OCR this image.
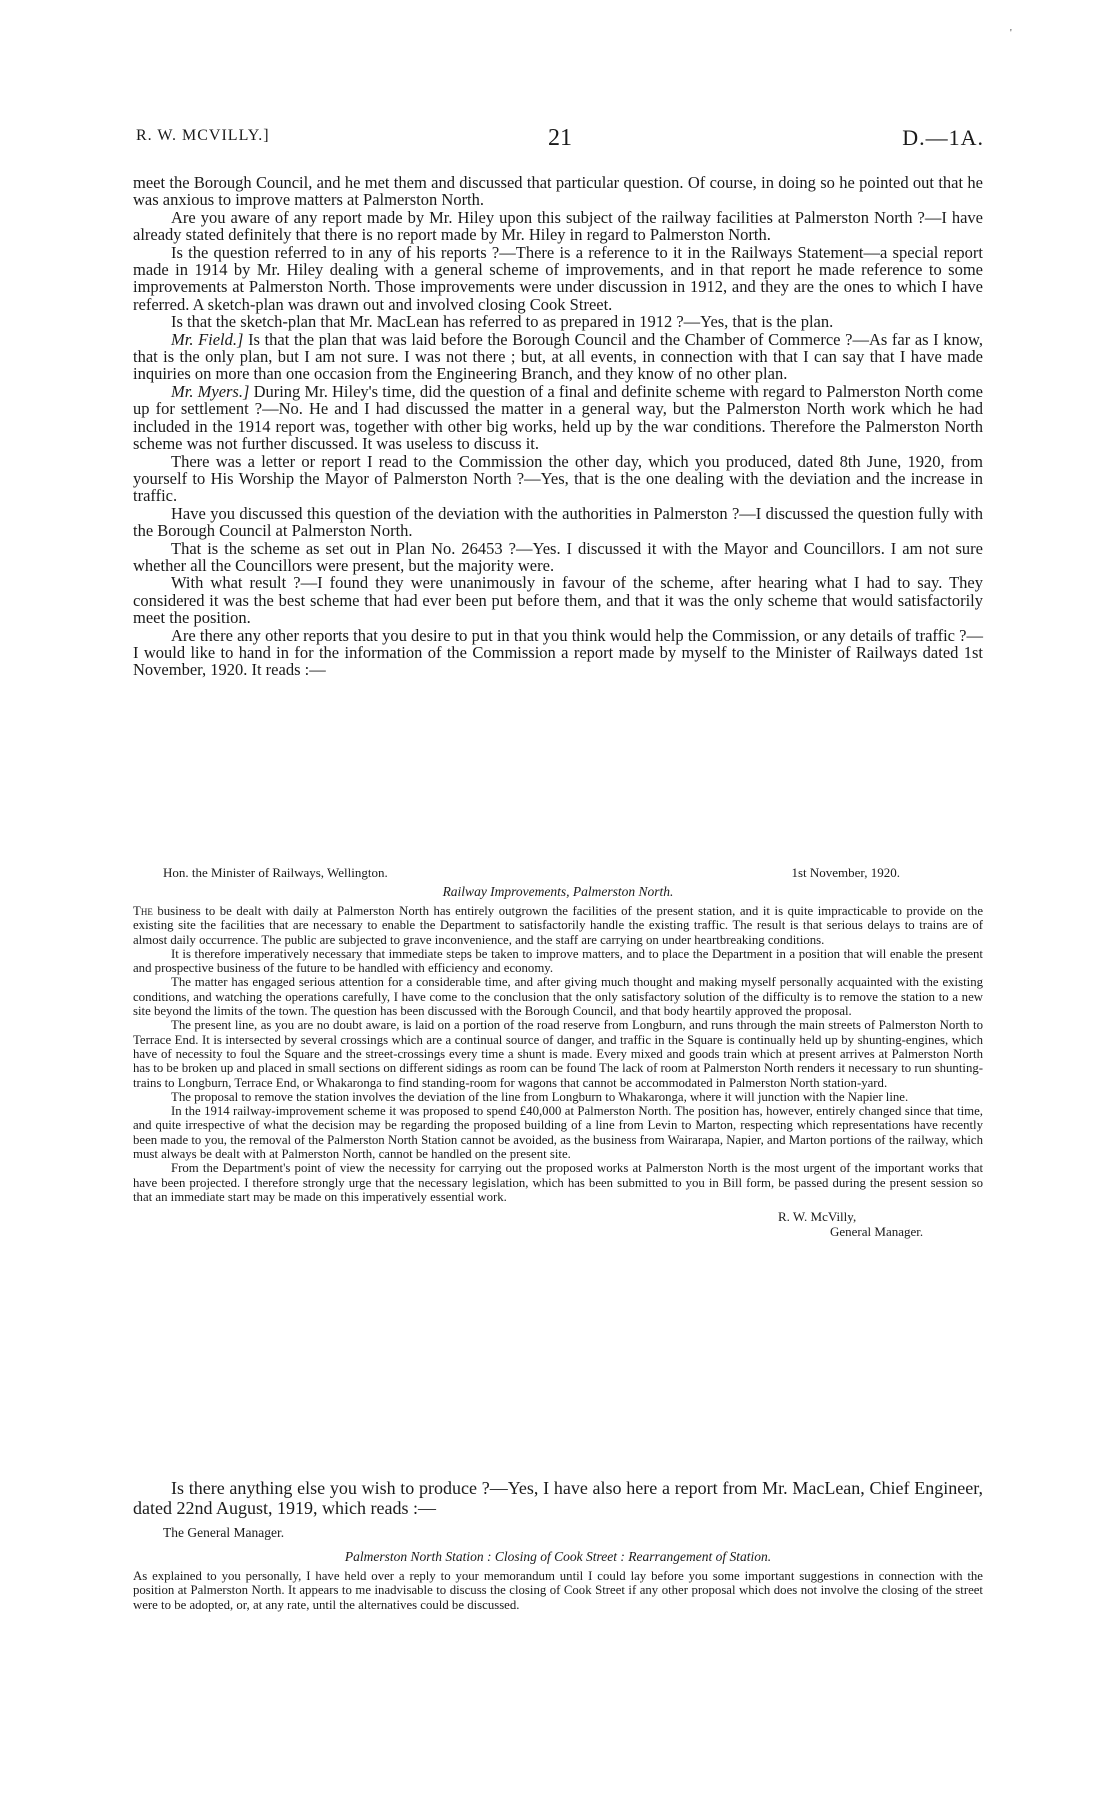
'
R. W. MCVILLY.]	21	D.—1A.

meet the Borough Council, and he met them and discussed that particular question. Of course, in doing so he pointed out that he was anxious to improve matters at Palmerston North.

Are you aware of any report made by Mr. Hiley upon this subject of the railway facilities at Palmerston North ?—I have already stated definitely that there is no report made by Mr. Hiley in regard to Palmerston North.

Is the question referred to in any of his reports ?—There is a reference to it in the Railways Statement—a special report made in 1914 by Mr. Hiley dealing with a general scheme of improvements, and in that report he made reference to some improvements at Palmerston North. Those improvements were under discussion in 1912, and they are the ones to which I have referred. A sketch-plan was drawn out and involved closing Cook Street.

Is that the sketch-plan that Mr. MacLean has referred to as prepared in 1912 ?—Yes, that is the plan.

Mr. Field.] Is that the plan that was laid before the Borough Council and the Chamber of Commerce ?—As far as I know, that is the only plan, but I am not sure. I was not there ; but, at all events, in connection with that I can say that I have made inquiries on more than one occasion from the Engineering Branch, and they know of no other plan.

Mr. Myers.] During Mr. Hiley's time, did the question of a final and definite scheme with regard to Palmerston North come up for settlement ?—No. He and I had discussed the matter in a general way, but the Palmerston North work which he had included in the 1914 report was, together with other big works, held up by the war conditions. Therefore the Palmerston North scheme was not further discussed. It was useless to discuss it.

There was a letter or report I read to the Commission the other day, which you produced, dated 8th June, 1920, from yourself to His Worship the Mayor of Palmerston North ?—Yes, that is the one dealing with the deviation and the increase in traffic.

Have you discussed this question of the deviation with the authorities in Palmerston ?—I discussed the question fully with the Borough Council at Palmerston North.

That is the scheme as set out in Plan No. 26453 ?—Yes. I discussed it with the Mayor and Councillors. I am not sure whether all the Councillors were present, but the majority were.

With what result ?—I found they were unanimously in favour of the scheme, after hearing what I had to say. They considered it was the best scheme that had ever been put before them, and that it was the only scheme that would satisfactorily meet the position.

Are there any other reports that you desire to put in that you think would help the Commission, or any details of traffic ?—I would like to hand in for the information of the Commission a report made by myself to the Minister of Railways dated 1st November, 1920. It reads :—

Hon. the Minister of Railways, Wellington.	1st November, 1920.
Railway Improvements, Palmerston North.

The business to be dealt with daily at Palmerston North has entirely outgrown the facilities of the present station, and it is quite impracticable to provide on the existing site the facilities that are necessary to enable the Department to satisfactorily handle the existing traffic. The result is that serious delays to trains are of almost daily occurrence. The public are subjected to grave inconvenience, and the staff are carrying on under heartbreaking conditions.

It is therefore imperatively necessary that immediate steps be taken to improve matters, and to place the Department in a position that will enable the present and prospective business of the future to be handled with efficiency and economy.

The matter has engaged serious attention for a considerable time, and after giving much thought and making myself personally acquainted with the existing conditions, and watching the operations carefully, I have come to the conclusion that the only satisfactory solution of the difficulty is to remove the station to a new site beyond the limits of the town. The question has been discussed with the Borough Council, and that body heartily approved the proposal.

The present line, as you are no doubt aware, is laid on a portion of the road reserve from Longburn, and runs through the main streets of Palmerston North to Terrace End. It is intersected by several crossings which are a continual source of danger, and traffic in the Square is continually held up by shunting-engines, which have of necessity to foul the Square and the street-crossings every time a shunt is made. Every mixed and goods train which at present arrives at Palmerston North has to be broken up and placed in small sections on different sidings as room can be found The lack of room at Palmerston North renders it necessary to run shunting-trains to Longburn, Terrace End, or Whakaronga to find standing-room for wagons that cannot be accommodated in Palmerston North station-yard.

The proposal to remove the station involves the deviation of the line from Longburn to Whakaronga, where it will junction with the Napier line.

In the 1914 railway-improvement scheme it was proposed to spend £40,000 at Palmerston North. The position has, however, entirely changed since that time, and quite irrespective of what the decision may be regarding the proposed building of a line from Levin to Marton, respecting which representations have recently been made to you, the removal of the Palmerston North Station cannot be avoided, as the business from Wairarapa, Napier, and Marton portions of the railway, which must always be dealt with at Palmerston North, cannot be handled on the present site.

From the Department's point of view the necessity for carrying out the proposed works at Palmerston North is the most urgent of the important works that have been projected. I therefore strongly urge that the necessary legislation, which has been submitted to you in Bill form, be passed during the present session so that an immediate start may be made on this imperatively essential work.

R. W. McVilly,
General Manager.

Is there anything else you wish to produce ?—Yes, I have also here a report from Mr. MacLean, Chief Engineer, dated 22nd August, 1919, which reads :—

The General Manager.
Palmerston North Station : Closing of Cook Street : Rearrangement of Station.

As explained to you personally, I have held over a reply to your memorandum until I could lay before you some important suggestions in connection with the position at Palmerston North. It appears to me inadvisable to discuss the closing of Cook Street if any other proposal which does not involve the closing of the street were to be adopted, or, at any rate, until the alternatives could be discussed.
